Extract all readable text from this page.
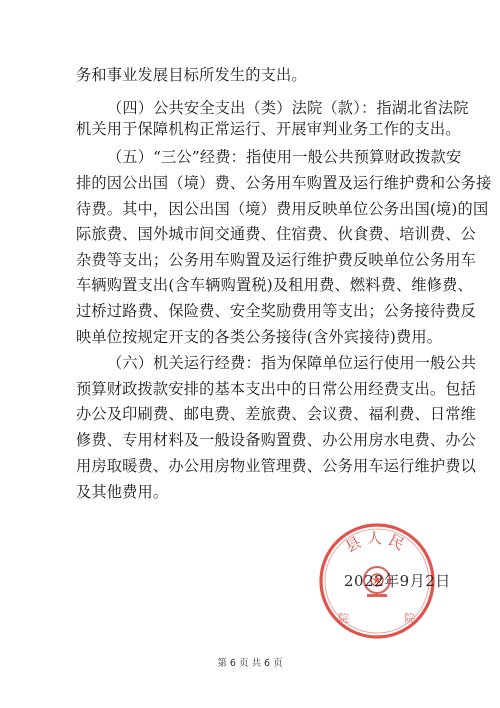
务和事业发展目标所发生的支出。
（四）公共安全支出（类）法院（款）：指湖北省法院
机关用于保障机构正常运行、开展审判业务工作的支出。
（五）“三公”经费：指使用一般公共预算财政拨款安
排的因公出国（境）费、公务用车购置及运行维护费和公务接
待费。其中，因公出国（境）费用反映单位公务出国(境)的国
际旅费、国外城市间交通费、住宿费、伙食费、培训费、公
杂费等支出；公务用车购置及运行维护费反映单位公务用车
车辆购置支出(含车辆购置税)及租用费、燃料费、维修费、
过桥过路费、保险费、安全奖励费用等支出；公务接待费反
映单位按规定开支的各类公务接待(含外宾接待)费用。
（六）机关运行经费：指为保障单位运行使用一般公共
预算财政拨款安排的基本支出中的日常公用经费支出。包括
办公及印刷费、邮电费、差旅费、会议费、福利费、日常维
修费、专用材料及一般设备购置费、办公用房水电费、办公
用房取暖费、办公用房物业管理费、公务用车运行维护费以
及其他费用。
县人民
院	院
2022年9月2日
第 6 页 共 6 页
